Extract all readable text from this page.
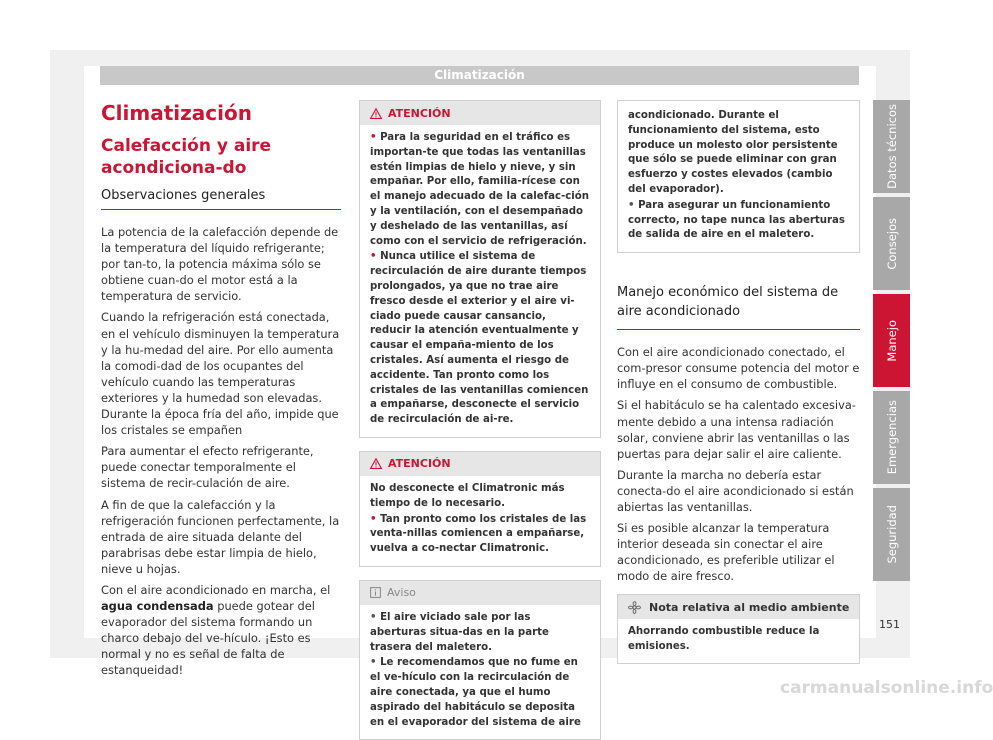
Climatización
Climatización
Calefacción y aire acondiciona-do
Observaciones generales

La potencia de la calefacción depende de la temperatura del líquido refrigerante; por tan-to, la potencia máxima sólo se obtiene cuan-do el motor está a la temperatura de servicio.

Cuando la refrigeración está conectada, en el vehículo disminuyen la temperatura y la hu-medad del aire. Por ello aumenta la comodi-dad de los ocupantes del vehículo cuando las temperaturas exteriores y la humedad son elevadas. Durante la época fría del año, impide que los cristales se empañen

Para aumentar el efecto refrigerante, puede conectar temporalmente el sistema de recir-culación de aire.

A fin de que la calefacción y la refrigeración funcionen perfectamente, la entrada de aire situada delante del parabrisas debe estar limpia de hielo, nieve u hojas.

Con el aire acondicionado en marcha, el agua condensada puede gotear del evaporador del sistema formando un charco debajo del ve-hículo. ¡Esto es normal y no es señal de falta de estanqueidad!

ATENCIÓN
• Para la seguridad en el tráfico es importan-te que todas las ventanillas estén limpias de hielo y nieve, y sin empañar. Por ello, familia-rícese con el manejo adecuado de la calefac-ción y la ventilación, con el desempañado y deshelado de las ventanillas, así como con el servicio de refrigeración.
• Nunca utilice el sistema de recirculación de aire durante tiempos prolongados, ya que no trae aire fresco desde el exterior y el aire vi-ciado puede causar cansancio, reducir la atención eventualmente y causar el empaña-miento de los cristales. Así aumenta el riesgo de accidente. Tan pronto como los cristales de las ventanillas comiencen a empañarse, desconecte el servicio de recirculación de ai-re.
ATENCIÓN
No desconecte el Climatronic más tiempo de lo necesario.
• Tan pronto como los cristales de las venta-nillas comiencen a empañarse, vuelva a co-nectar Climatronic.
Aviso
• El aire viciado sale por las aberturas situa-das en la parte trasera del maletero.
• Le recomendamos que no fume en el ve-hículo con la recirculación de aire conectada, ya que el humo aspirado del habitáculo se deposita en el evaporador del sistema de aire
acondicionado. Durante el funcionamiento del sistema, esto produce un molesto olor persistente que sólo se puede eliminar con gran esfuerzo y costes elevados (cambio del evaporador).
• Para asegurar un funcionamiento correcto, no tape nunca las aberturas de salida de aire en el maletero.
Manejo económico del sistema de aire acondicionado

Con el aire acondicionado conectado, el com-presor consume potencia del motor e influye en el consumo de combustible.

Si el habitáculo se ha calentado excesiva-mente debido a una intensa radiación solar, conviene abrir las ventanillas o las puertas para dejar salir el aire caliente.

Durante la marcha no debería estar conecta-do el aire acondicionado si están abiertas las ventanillas.

Si es posible alcanzar la temperatura interior deseada sin conectar el aire acondicionado, es preferible utilizar el modo de aire fresco.

Nota relativa al medio ambiente
Ahorrando combustible reduce la emisiones.
Datos técnicos
Consejos
Manejo
Emergencias
Seguridad
151
carmanualsonline.info
